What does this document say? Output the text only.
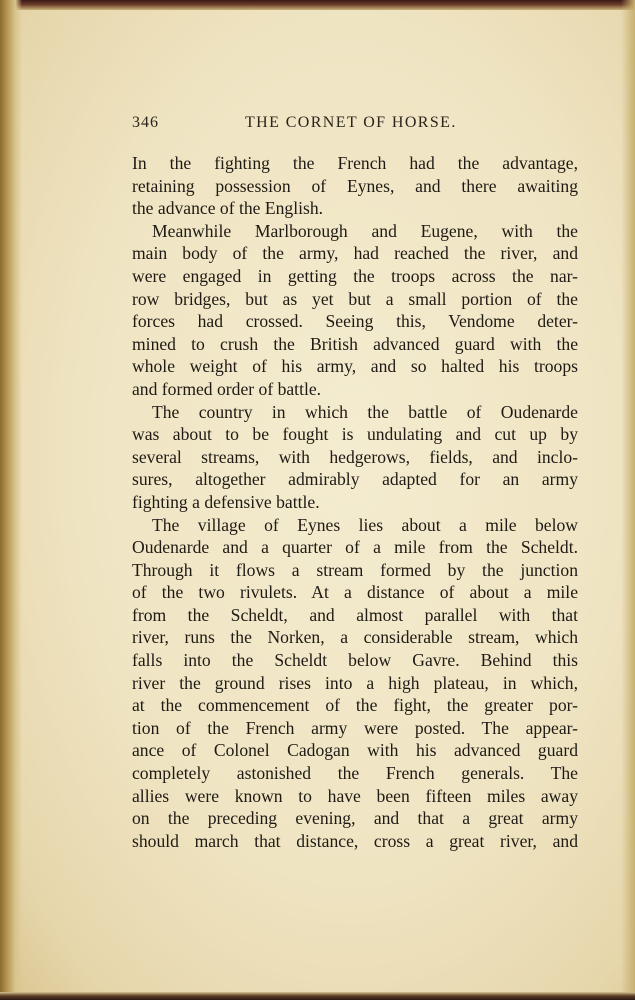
346	THE CORNET OF HORSE.
In the fighting the French had the advantage,
retaining possession of Eynes, and there awaiting
the advance of the English.
Meanwhile Marlborough and Eugene, with the
main body of the army, had reached the river, and
were engaged in getting the troops across the nar-
row bridges, but as yet but a small portion of the
forces had crossed. Seeing this, Vendome deter-
mined to crush the British advanced guard with the
whole weight of his army, and so halted his troops
and formed order of battle.
The country in which the battle of Oudenarde
was about to be fought is undulating and cut up by
several streams, with hedgerows, fields, and inclo-
sures, altogether admirably adapted for an army
fighting a defensive battle.
The village of Eynes lies about a mile below
Oudenarde and a quarter of a mile from the Scheldt.
Through it flows a stream formed by the junction
of the two rivulets. At a distance of about a mile
from the Scheldt, and almost parallel with that
river, runs the Norken, a considerable stream, which
falls into the Scheldt below Gavre. Behind this
river the ground rises into a high plateau, in which,
at the commencement of the fight, the greater por-
tion of the French army were posted. The appear-
ance of Colonel Cadogan with his advanced guard
completely astonished the French generals. The
allies were known to have been fifteen miles away
on the preceding evening, and that a great army
should march that distance, cross a great river, and
